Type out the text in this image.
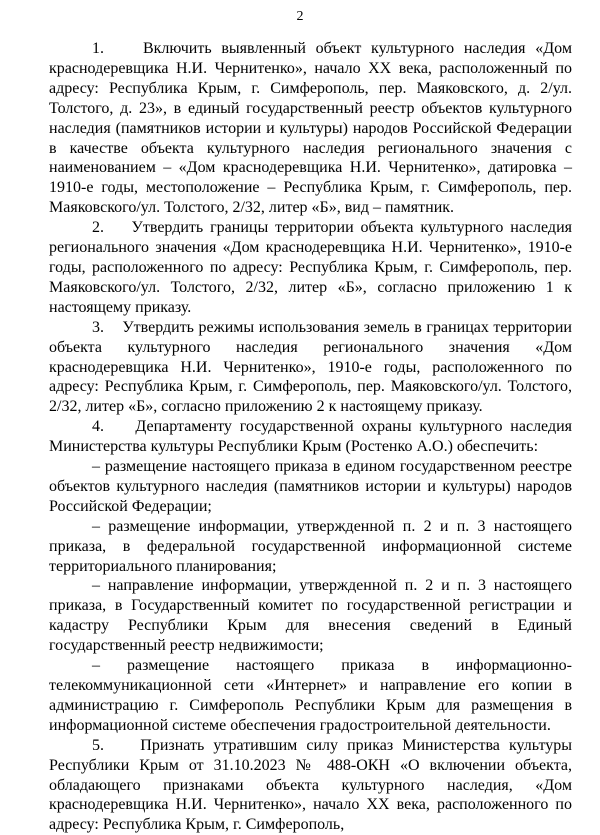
2

1.    Включить выявленный объект культурного наследия «Дом краснодеревщика Н.И. Чернитенко», начало XX века, расположенный по адресу: Республика Крым, г. Симферополь, пер. Маяковского, д. 2/ул. Толстого, д. 23», в единый государственный реестр объектов культурного наследия (памятников истории и культуры) народов Российской Федерации в качестве объекта культурного наследия регионального значения с наименованием – «Дом краснодеревщика Н.И. Чернитенко», датировка – 1910-е годы, местоположение – Республика Крым, г. Симферополь, пер. Маяковского/ул. Толстого, 2/32, литер «Б», вид – памятник.

2.    Утвердить границы территории объекта культурного наследия регионального значения «Дом краснодеревщика Н.И. Чернитенко», 1910-е годы, расположенного по адресу: Республика Крым, г. Симферополь, пер. Маяковского/ул. Толстого, 2/32, литер «Б», согласно приложению 1 к настоящему приказу.

3.    Утвердить режимы использования земель в границах территории объекта культурного наследия регионального значения «Дом краснодеревщика Н.И. Чернитенко», 1910-е годы, расположенного по адресу: Республика Крым, г. Симферополь, пер. Маяковского/ул. Толстого, 2/32, литер «Б», согласно приложению 2 к настоящему приказу.

4.    Департаменту государственной охраны культурного наследия Министерства культуры Республики Крым (Ростенко А.О.) обеспечить:

– размещение настоящего приказа в едином государственном реестре объектов культурного наследия (памятников истории и культуры) народов Российской Федерации;

– размещение информации, утвержденной п. 2 и п. 3 настоящего приказа, в федеральной государственной информационной системе территориального планирования;

– направление информации, утвержденной п. 2 и п. 3 настоящего приказа, в Государственный комитет по государственной регистрации и кадастру Республики Крым для внесения сведений в Единый государственный реестр недвижимости;

– размещение настоящего приказа в информационно-телекоммуникационной сети «Интернет» и направление его копии в администрацию г. Симферополь Республики Крым для размещения в информационной системе обеспечения градостроительной деятельности.

5.    Признать утратившим силу приказ Министерства культуры Республики Крым от 31.10.2023 № 488-ОКН «О включении объекта, обладающего признаками объекта культурного наследия, «Дом краснодеревщика Н.И. Чернитенко», начало XX века, расположенного по адресу: Республика Крым, г. Симферополь,
